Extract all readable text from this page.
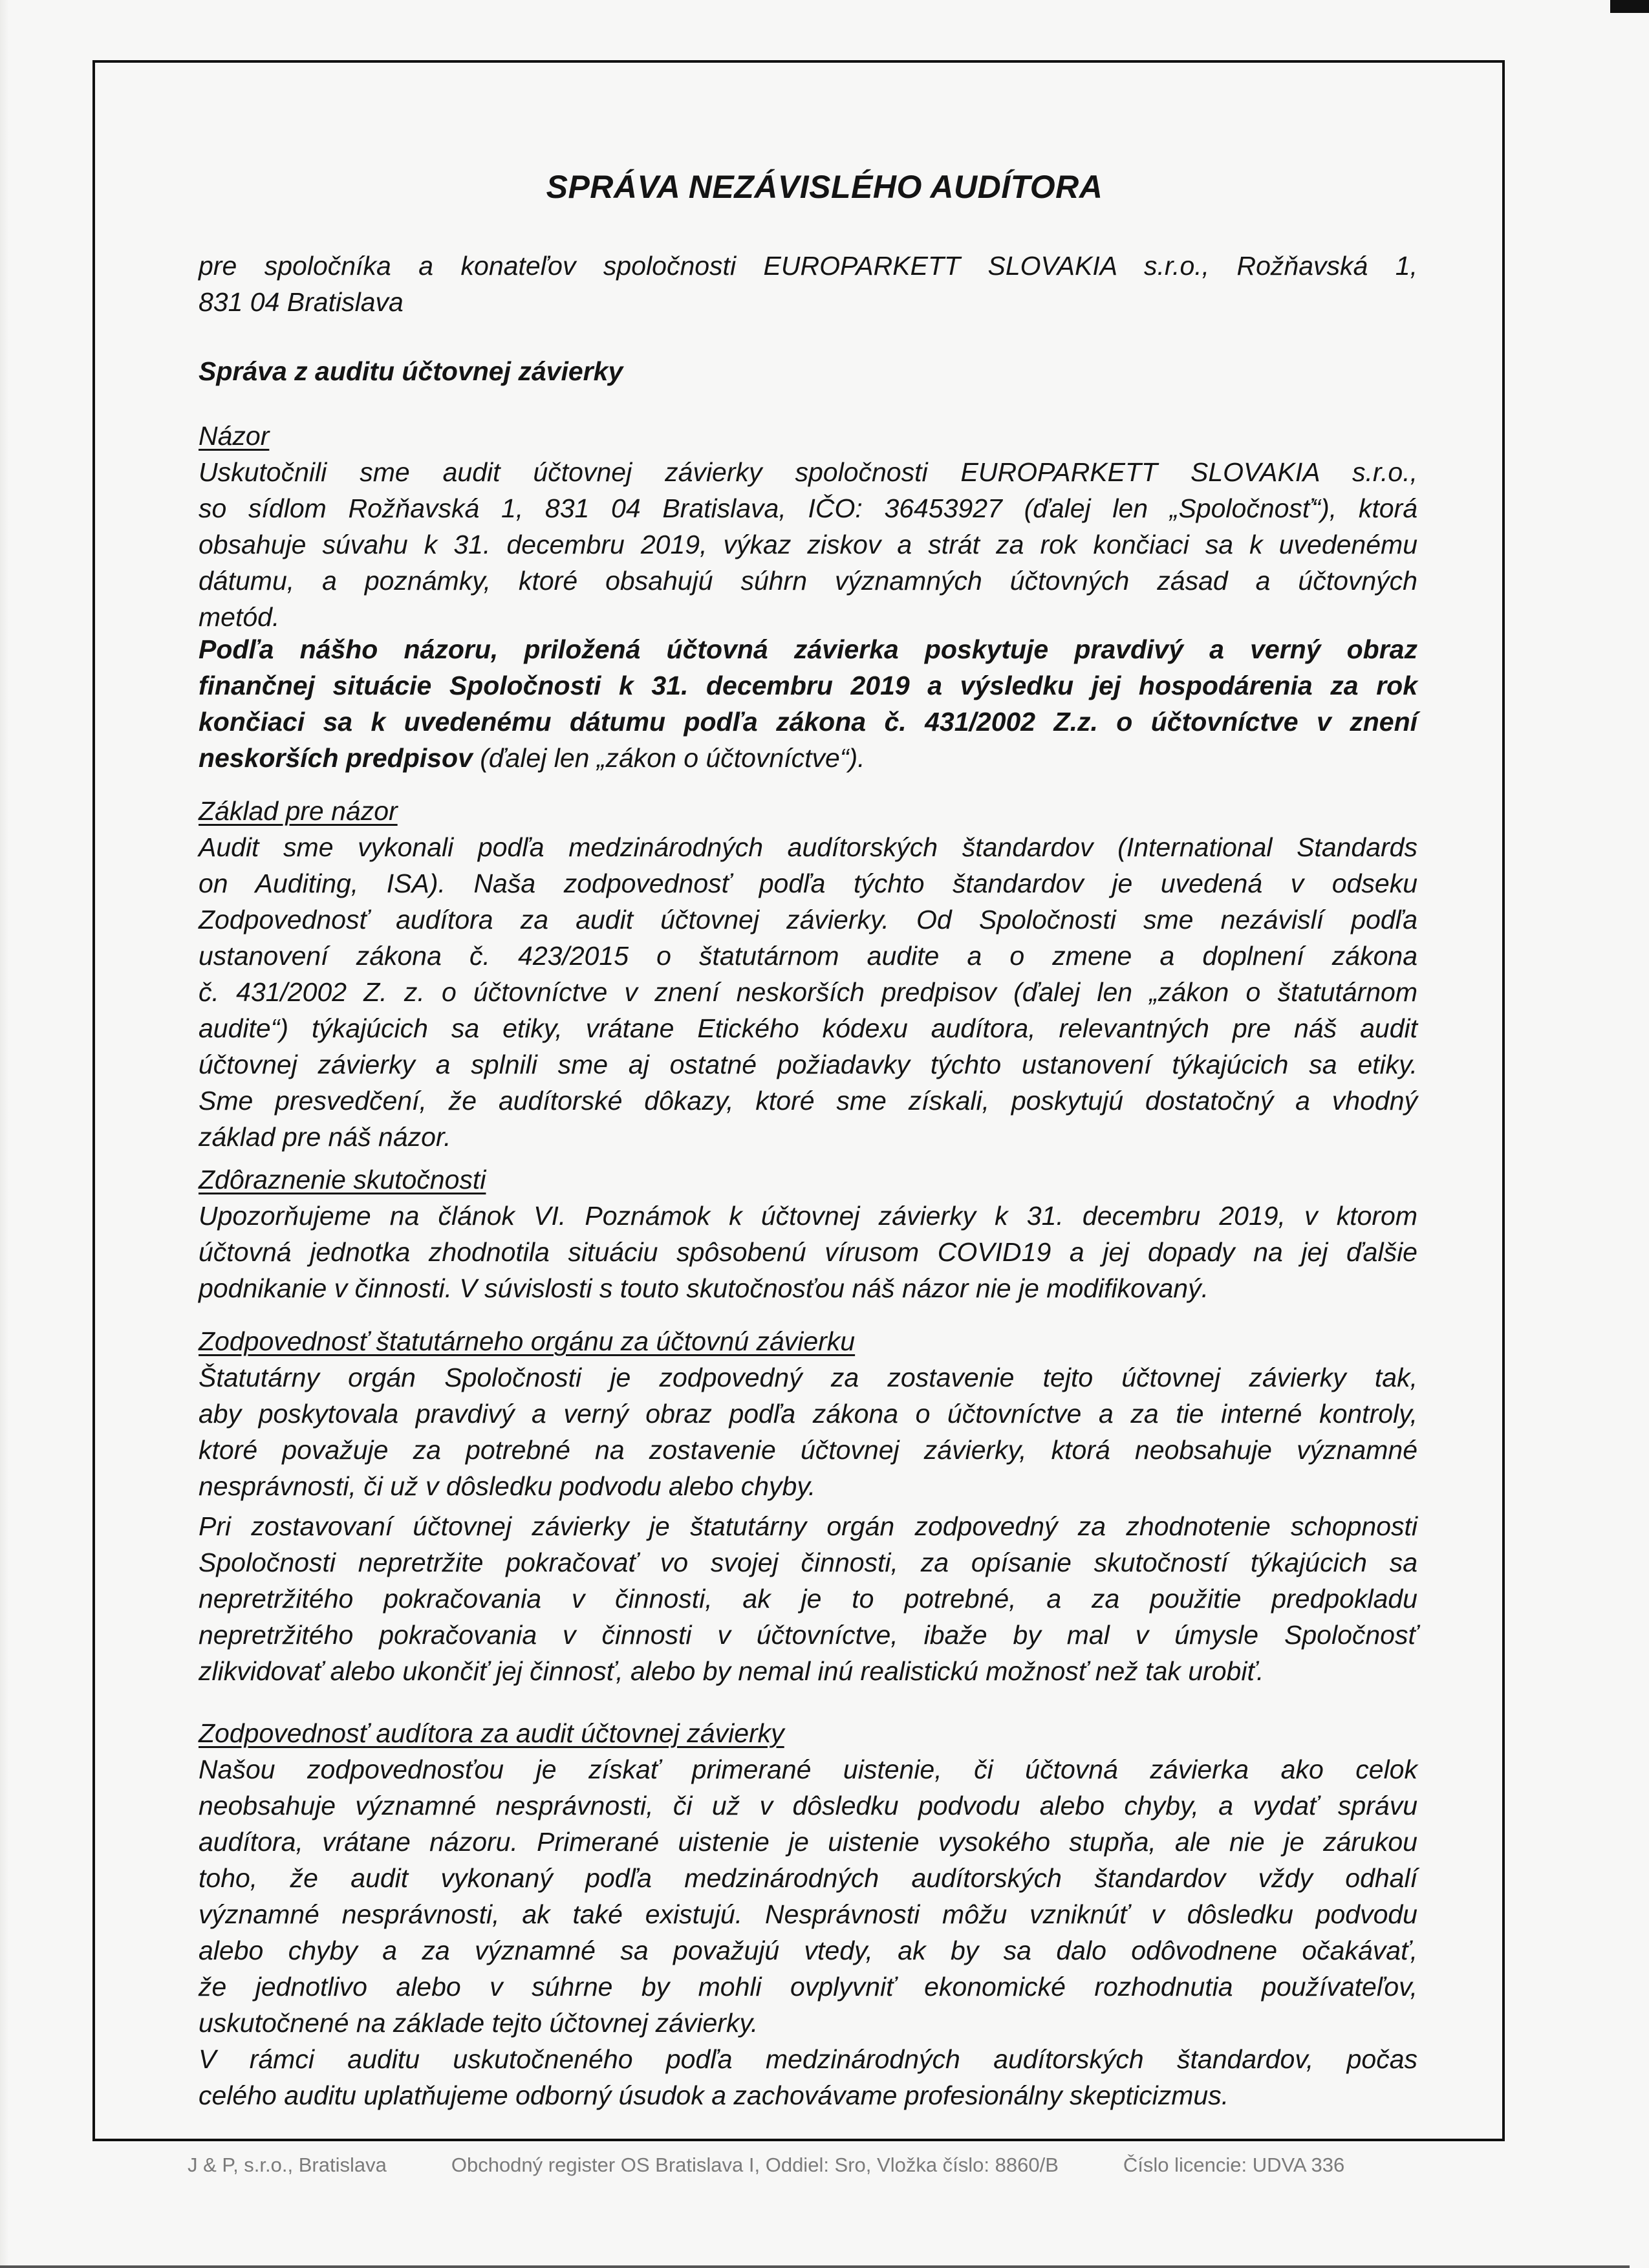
SPRÁVA NEZÁVISLÉHO AUDÍTORA
pre spoločníka a konateľov spoločnosti EUROPARKETT SLOVAKIA s.r.o., Rožňavská 1,
831 04 Bratislava
Správa z auditu účtovnej závierky
Názor
Uskutočnili sme audit účtovnej závierky spoločnosti EUROPARKETT SLOVAKIA s.r.o.,
so sídlom Rožňavská 1, 831 04 Bratislava, IČO: 36453927 (ďalej len „Spoločnosť“), ktorá
obsahuje súvahu k 31. decembru 2019, výkaz ziskov a strát za rok končiaci sa k uvedenému
dátumu, a poznámky, ktoré obsahujú súhrn významných účtovných zásad a účtovných
metód.
Podľa nášho názoru, priložená účtovná závierka poskytuje pravdivý a verný obraz
finančnej situácie Spoločnosti k 31. decembru 2019 a výsledku jej hospodárenia za rok
končiaci sa k uvedenému dátumu podľa zákona č. 431/2002 Z.z. o účtovníctve v znení
neskorších predpisov (ďalej len „zákon o účtovníctve“).
Základ pre názor
Audit sme vykonali podľa medzinárodných audítorských štandardov (International Standards
on Auditing, ISA). Naša zodpovednosť podľa týchto štandardov je uvedená v odseku
Zodpovednosť audítora za audit účtovnej závierky. Od Spoločnosti sme nezávislí podľa
ustanovení zákona č. 423/2015 o štatutárnom audite a o zmene a doplnení zákona
č. 431/2002 Z. z. o účtovníctve v znení neskorších predpisov (ďalej len „zákon o štatutárnom
audite“) týkajúcich sa etiky, vrátane Etického kódexu audítora, relevantných pre náš audit
účtovnej závierky a splnili sme aj ostatné požiadavky týchto ustanovení týkajúcich sa etiky.
Sme presvedčení, že audítorské dôkazy, ktoré sme získali, poskytujú dostatočný a vhodný
základ pre náš názor.
Zdôraznenie skutočnosti
Upozorňujeme na článok VI. Poznámok k účtovnej závierky k 31. decembru 2019, v ktorom
účtovná jednotka zhodnotila situáciu spôsobenú vírusom COVID19 a jej dopady na jej ďalšie
podnikanie v činnosti. V súvislosti s touto skutočnosťou náš názor nie je modifikovaný.
Zodpovednosť štatutárneho orgánu za účtovnú závierku
Štatutárny orgán Spoločnosti je zodpovedný za zostavenie tejto účtovnej závierky tak,
aby poskytovala pravdivý a verný obraz podľa zákona o účtovníctve a za tie interné kontroly,
ktoré považuje za potrebné na zostavenie účtovnej závierky, ktorá neobsahuje významné
nesprávnosti, či už v dôsledku podvodu alebo chyby.
Pri zostavovaní účtovnej závierky je štatutárny orgán zodpovedný za zhodnotenie schopnosti
Spoločnosti nepretržite pokračovať vo svojej činnosti, za opísanie skutočností týkajúcich sa
nepretržitého pokračovania v činnosti, ak je to potrebné, a za použitie predpokladu
nepretržitého pokračovania v činnosti v účtovníctve, ibaže by mal v úmysle Spoločnosť
zlikvidovať alebo ukončiť jej činnosť, alebo by nemal inú realistickú možnosť než tak urobiť.
Zodpovednosť audítora za audit účtovnej závierky
Našou zodpovednosťou je získať primerané uistenie, či účtovná závierka ako celok
neobsahuje významné nesprávnosti, či už v dôsledku podvodu alebo chyby, a vydať správu
audítora, vrátane názoru. Primerané uistenie je uistenie vysokého stupňa, ale nie je zárukou
toho, že audit vykonaný podľa medzinárodných audítorských štandardov vždy odhalí
významné nesprávnosti, ak také existujú. Nesprávnosti môžu vzniknúť v dôsledku podvodu
alebo chyby a za významné sa považujú vtedy, ak by sa dalo odôvodnene očakávať,
že jednotlivo alebo v súhrne by mohli ovplyvniť ekonomické rozhodnutia používateľov,
uskutočnené na základe tejto účtovnej závierky.
V rámci auditu uskutočneného podľa medzinárodných audítorských štandardov, počas
celého auditu uplatňujeme odborný úsudok a zachovávame profesionálny skepticizmus.
J & P, s.r.o., Bratislava	Obchodný register OS Bratislava I, Oddiel: Sro, Vložka číslo: 8860/B	Číslo licencie: UDVA 336
